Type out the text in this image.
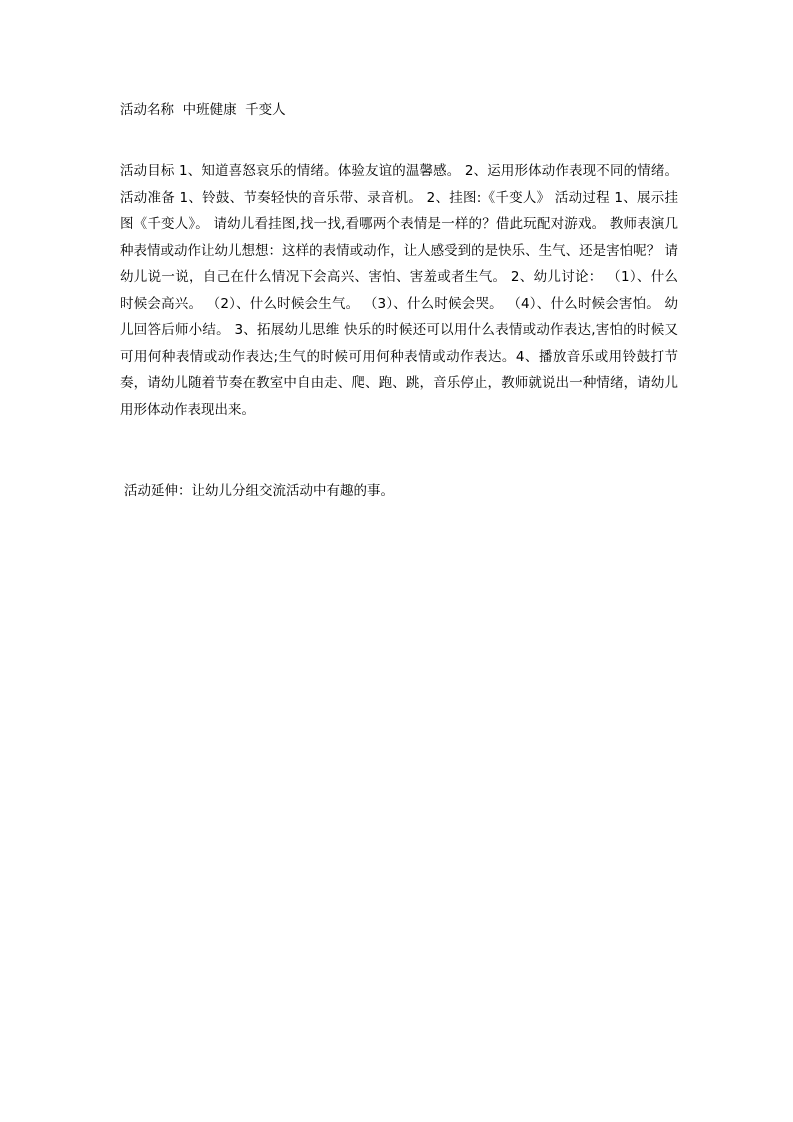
活动名称  中班健康  千变人
活动目标 1、知道喜怒哀乐的情绪。体验友谊的温馨感。 2、运用形体动作表现不同的情绪。 活动准备 1、铃鼓、节奏轻快的音乐带、录音机。 2、挂图:《千变人》 活动过程 1、展示挂图《千变人》。 请幼儿看挂图,找一找,看哪两个表情是一样的？借此玩配对游戏。 教师表演几种表情或动作让幼儿想想：这样的表情或动作，让人感受到的是快乐、生气、还是害怕呢？ 请幼儿说一说，自己在什么情况下会高兴、害怕、害羞或者生气。 2、幼儿讨论： （1）、什么时候会高兴。 （2）、什么时候会生气。 （3）、什么时候会哭。 （4）、什么时候会害怕。 幼儿回答后师小结。 3、拓展幼儿思维 快乐的时候还可以用什么表情或动作表达,害怕的时候又可用何种表情或动作表达;生气的时候可用何种表情或动作表达。4、播放音乐或用铃鼓打节奏，请幼儿随着节奏在教室中自由走、爬、跑、跳，音乐停止，教师就说出一种情绪，请幼儿用形体动作表现出来。
活动延伸：让幼儿分组交流活动中有趣的事。
